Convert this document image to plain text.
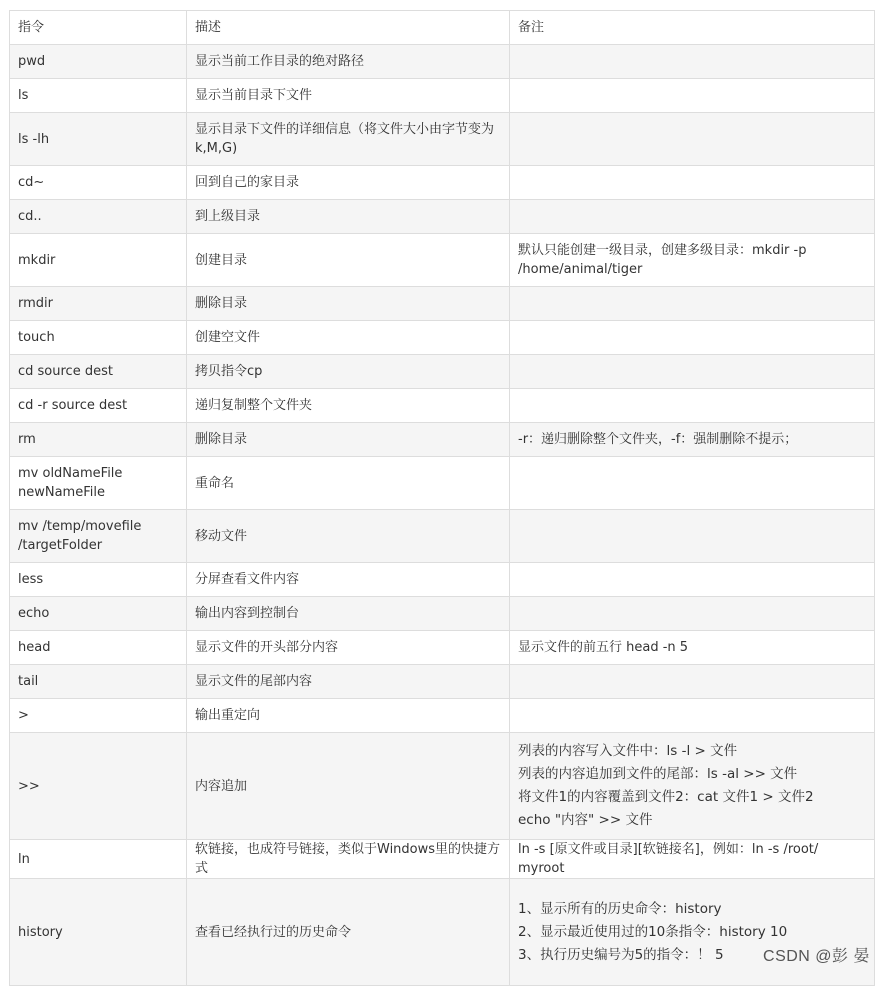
指令	描述	备注
pwd	显示当前工作目录的绝对路径	
ls	显示当前目录下文件	
ls -lh	显示目录下文件的详细信息（将文件大小由字节变为k,M,G)	
cd~	回到自己的家目录	
cd..	到上级目录	
mkdir	创建目录	默认只能创建一级目录，创建多级目录：mkdir -p /home/animal/tiger

rmdir	删除目录	
touch	创建空文件	
cd source dest	拷贝指令cp	
cd -r source dest	递归复制整个文件夹	
rm	删除目录	-r：递归删除整个文件夹，-f：强制删除不提示；

mv oldNameFile newNameFile	重命名	
mv /temp/movefile /targetFolder	移动文件	
less	分屏查看文件内容	
echo	输出内容到控制台	
head	显示文件的开头部分内容	显示文件的前五行 head -n 5

tail	显示文件的尾部内容	
>	输出重定向	
>>	内容追加	列表的内容写入文件中：ls -l > 文件
列表的内容追加到文件的尾部：ls -al >> 文件
将文件1的内容覆盖到文件2：cat 文件1 > 文件2
echo "内容" >> 文件

ln	软链接，也成符号链接，类似于Windows里的快捷方式	ln -s [原文件或目录][软链接名]，例如：ln -s /root/ myroot

history	查看已经执行过的历史命令	1、显示所有的历史命令：history
2、显示最近使用过的10条指令：history 10
3、执行历史编号为5的指令：！ 5	CSDN @彭 晏
